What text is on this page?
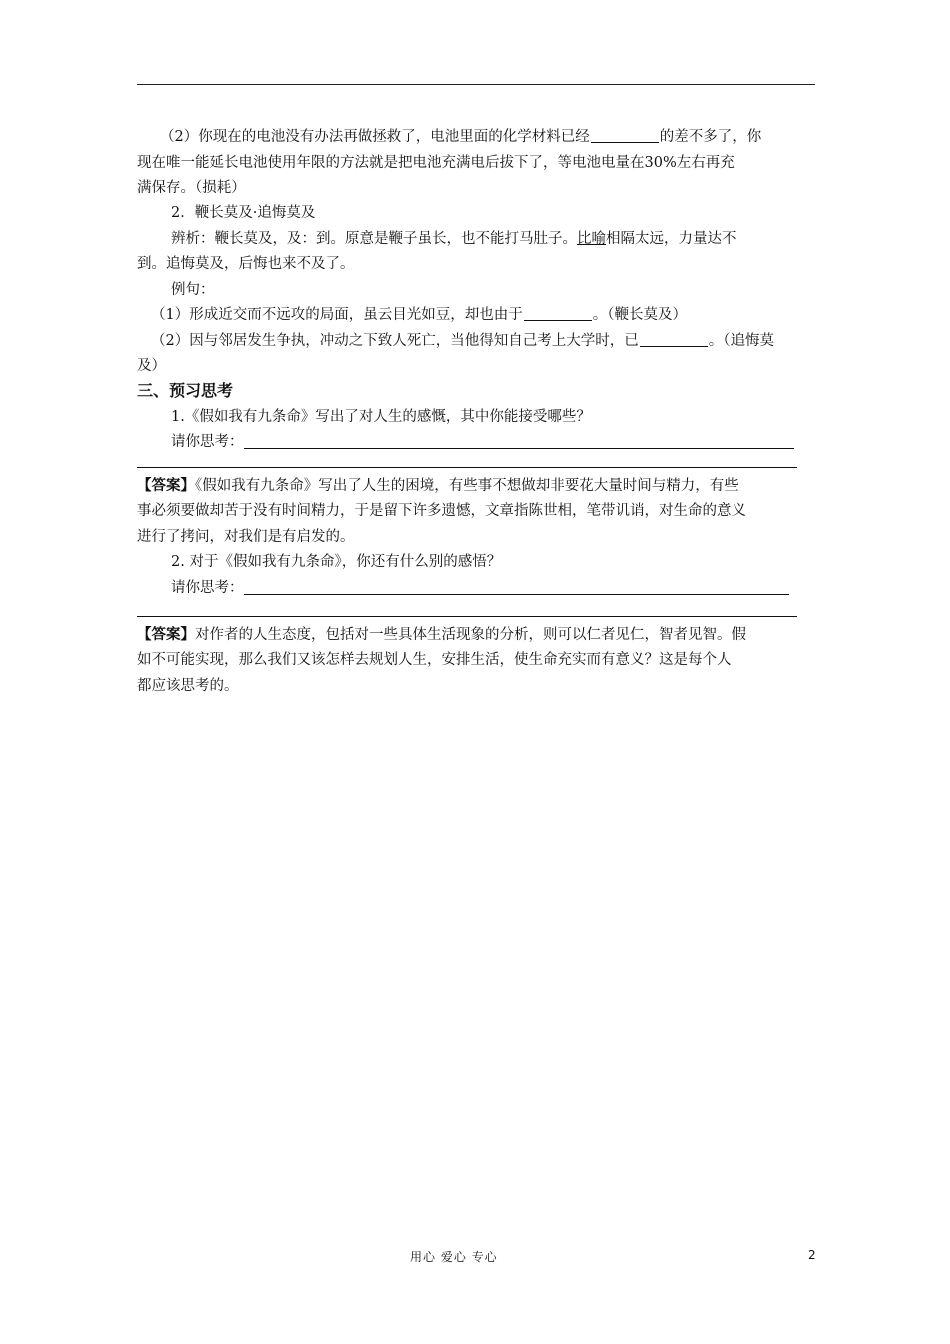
（2）你现在的电池没有办法再做拯救了，电池里面的化学材料已经	的差不多了，你
现在唯一能延长电池使用年限的方法就是把电池充满电后拔下了，等电池电量在30%左右再充
满保存。（损耗）
2．鞭长莫及·追悔莫及
辨析：鞭长莫及，及：到。原意是鞭子虽长，也不能打马肚子。比喻相隔太远，力量达不
到。追悔莫及，后悔也来不及了。
例句：
（1）形成近交而不远攻的局面，虽云目光如豆，却也由于	。（鞭长莫及）
（2）因与邻居发生争执，冲动之下致人死亡，当他得知自己考上大学时，已	。（追悔莫
及）
三、预习思考
1.《假如我有九条命》写出了对人生的感慨，其中你能接受哪些？
请你思考：
【答案】《假如我有九条命》写出了人生的困境，有些事不想做却非要花大量时间与精力，有些
事必须要做却苦于没有时间精力，于是留下许多遗憾，文章指陈世相，笔带讥诮，对生命的意义
进行了拷问，对我们是有启发的。
2. 对于《假如我有九条命》，你还有什么别的感悟？
请你思考：
【答案】对作者的人生态度，包括对一些具体生活现象的分析，则可以仁者见仁，智者见智。假
如不可能实现，那么我们又该怎样去规划人生，安排生活，使生命充实而有意义？这是每个人
都应该思考的。
用心 爱心 专心	2
